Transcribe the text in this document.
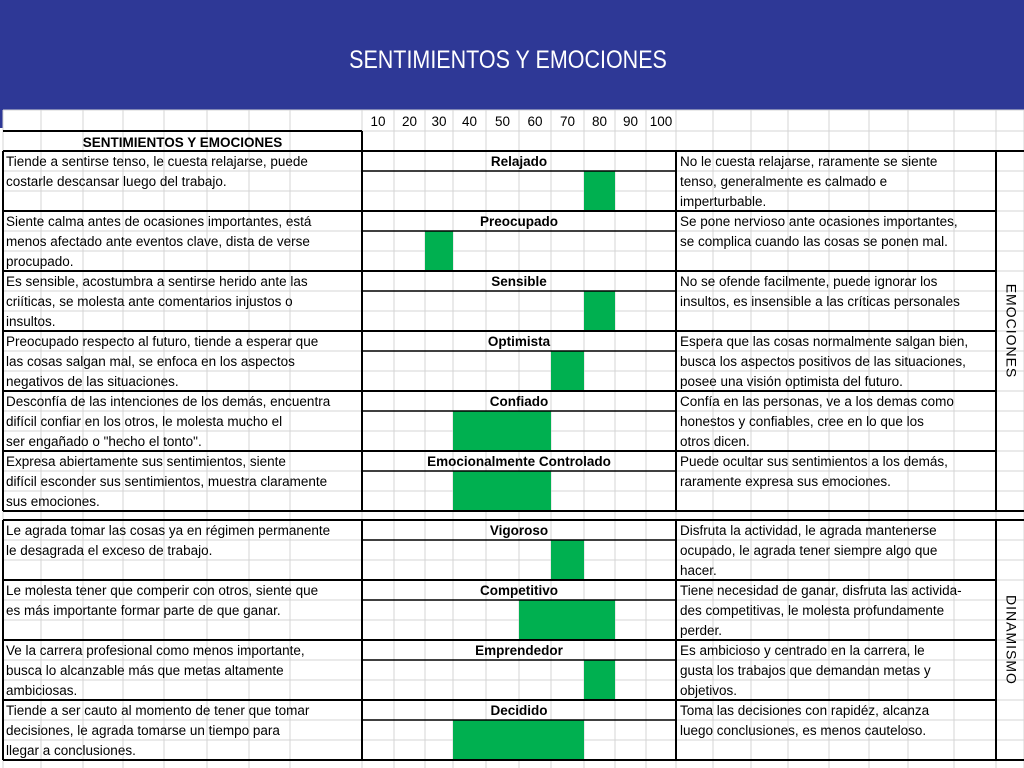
SENTIMIENTOS Y EMOCIONES
SENTIMIENTOS Y EMOCIONES
10 20 30 40 50 60 70 80 90 100
Relajado
Tiende a sentirse tenso, le cuesta relajarse, puede
costarle descansar luego del trabajo.
No le cuesta relajarse, raramente se siente
tenso, generalmente es calmado e
imperturbable.
Preocupado
Siente calma antes de ocasiones importantes, está
menos afectado ante eventos clave, dista de verse
procupado.
Se pone nervioso ante ocasiones importantes,
se complica cuando las cosas se ponen mal.
Sensible
Es sensible, acostumbra a sentirse herido ante las
criíticas, se molesta ante comentarios injustos o
insultos.
No se ofende facilmente, puede ignorar los
insultos, es insensible a las críticas personales
Optimista
Preocupado respecto al futuro, tiende a esperar que
las cosas salgan mal, se enfoca en los aspectos
negativos de las situaciones.
Espera que las cosas normalmente salgan bien,
busca los aspectos positivos de las situaciones,
posee una visión optimista del futuro.
Confiado
Desconfía de las intenciones de los demás, encuentra
difícil confiar en los otros, le molesta mucho el
ser engañado o "hecho el tonto".
Confía en las personas, ve a los demas como
honestos y confiables, cree en lo que los
otros dicen.
Emocionalmente Controlado
Expresa abiertamente sus sentimientos, siente
difícil esconder sus sentimientos, muestra claramente
sus emociones.
Puede ocultar sus sentimientos a los demás,
raramente expresa sus emociones.
Vigoroso
Le agrada tomar las cosas ya en régimen permanente
le desagrada el exceso de trabajo.
Disfruta la actividad, le agrada mantenerse
ocupado, le agrada tener siempre algo que
hacer.
Competitivo
Le molesta tener que comperir con otros, siente que
es más importante formar parte de que ganar.
Tiene necesidad de ganar, disfruta las activida-
des competitivas, le molesta profundamente
perder.
Emprendedor
Ve la carrera profesional como menos importante,
busca lo alcanzable más que metas altamente
ambiciosas.
Es ambicioso y centrado en la carrera, le
gusta los trabajos que demandan metas y
objetivos.
Decidido
Tiende a ser cauto al momento de tener que tomar
decisiones, le agrada tomarse un tiempo para
llegar a conclusiones.
Toma las decisiones con rapidéz, alcanza
luego conclusiones, es menos cauteloso.
EMOCIONES
DINAMISMO
